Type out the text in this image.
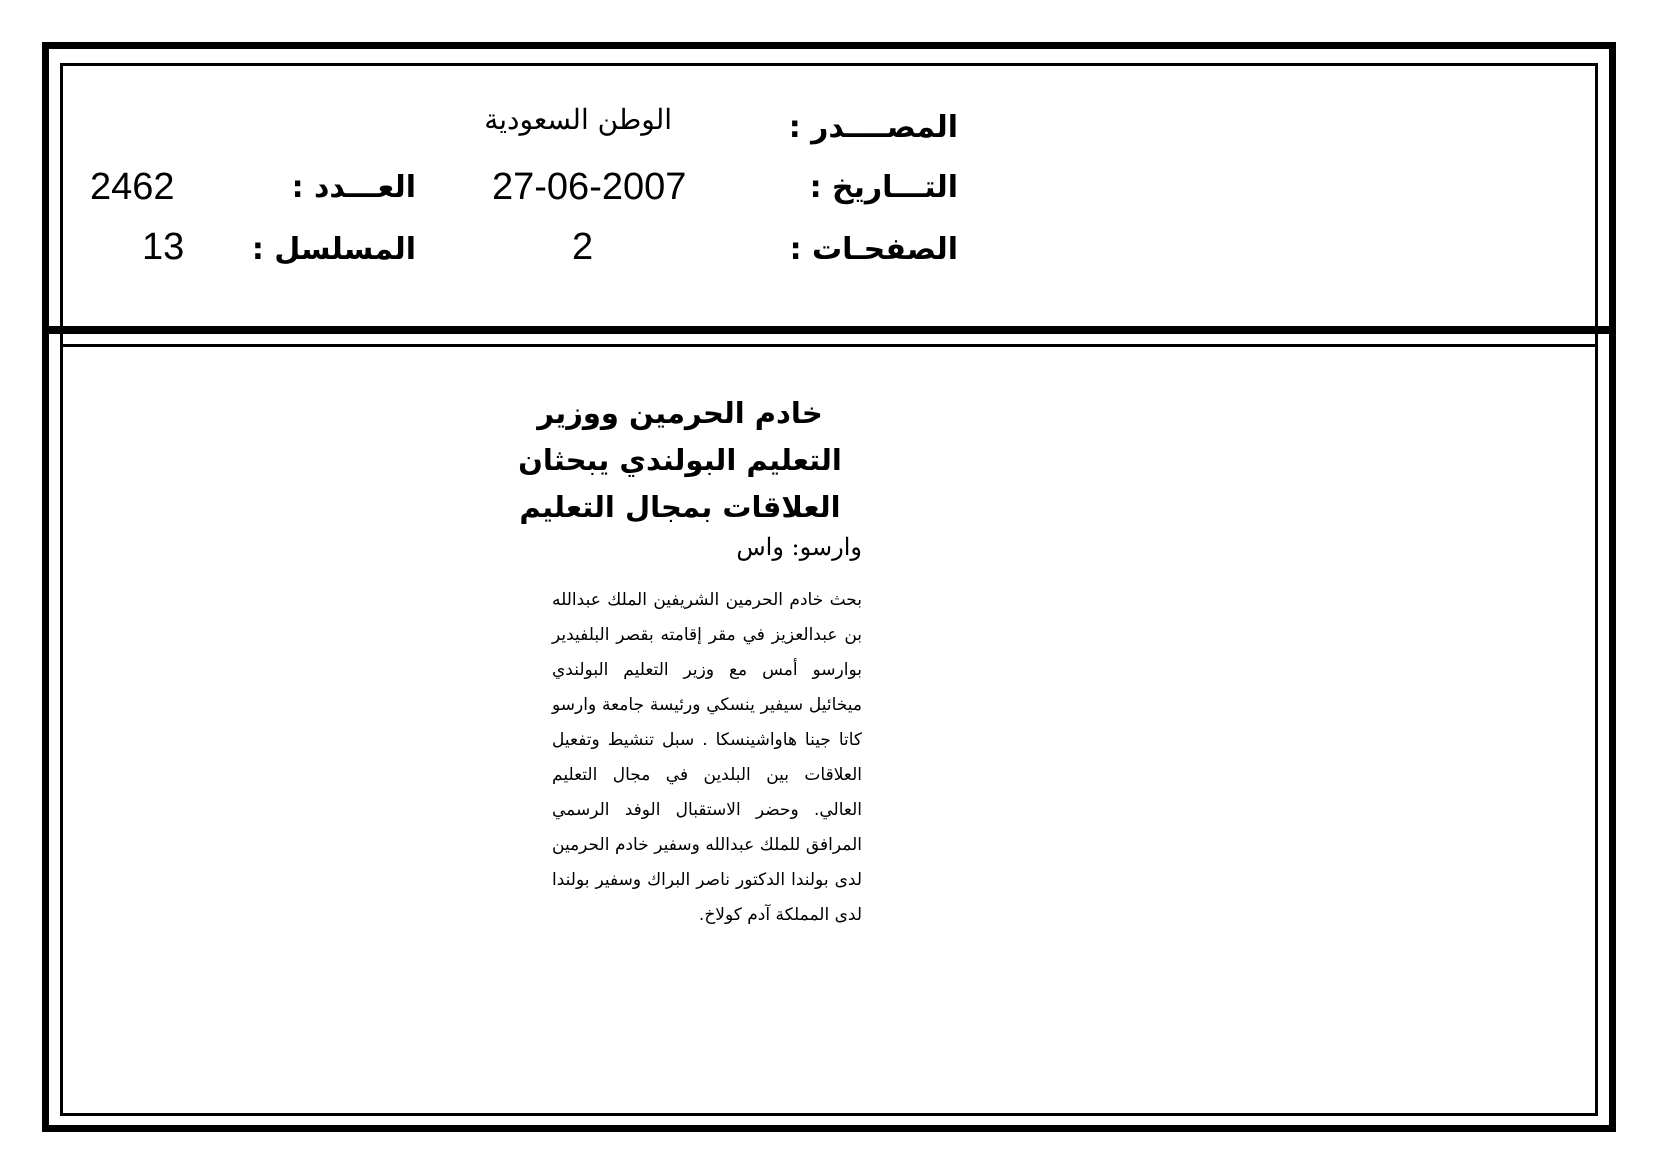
المصــــدر :
الوطن السعودية
التـــاريخ :
27-06-2007
العـــدد :
2462
الصفحـات :
2
المسلسل :
13
خادم الحرمين ووزير التعليم البولندي يبحثان العلاقات بمجال التعليم
وارسو: واس
بحث خادم الحرمين الشريفين الملك عبدالله بن عبدالعزيز في مقر إقامته بقصر البلفيدير بوارسو أمس مع وزير التعليم البولندي ميخائيل سيفير ينسكي ورئيسة جامعة وارسو كاتا جينا هاواشينسكا . سبل تنشيط وتفعيل العلاقات بين البلدين في مجال التعليم العالي. وحضر الاستقبال الوفد الرسمي المرافق للملك عبدالله وسفير خادم الحرمين لدى بولندا الدكتور ناصر البراك وسفير بولندا لدى المملكة آدم كولاخ.
